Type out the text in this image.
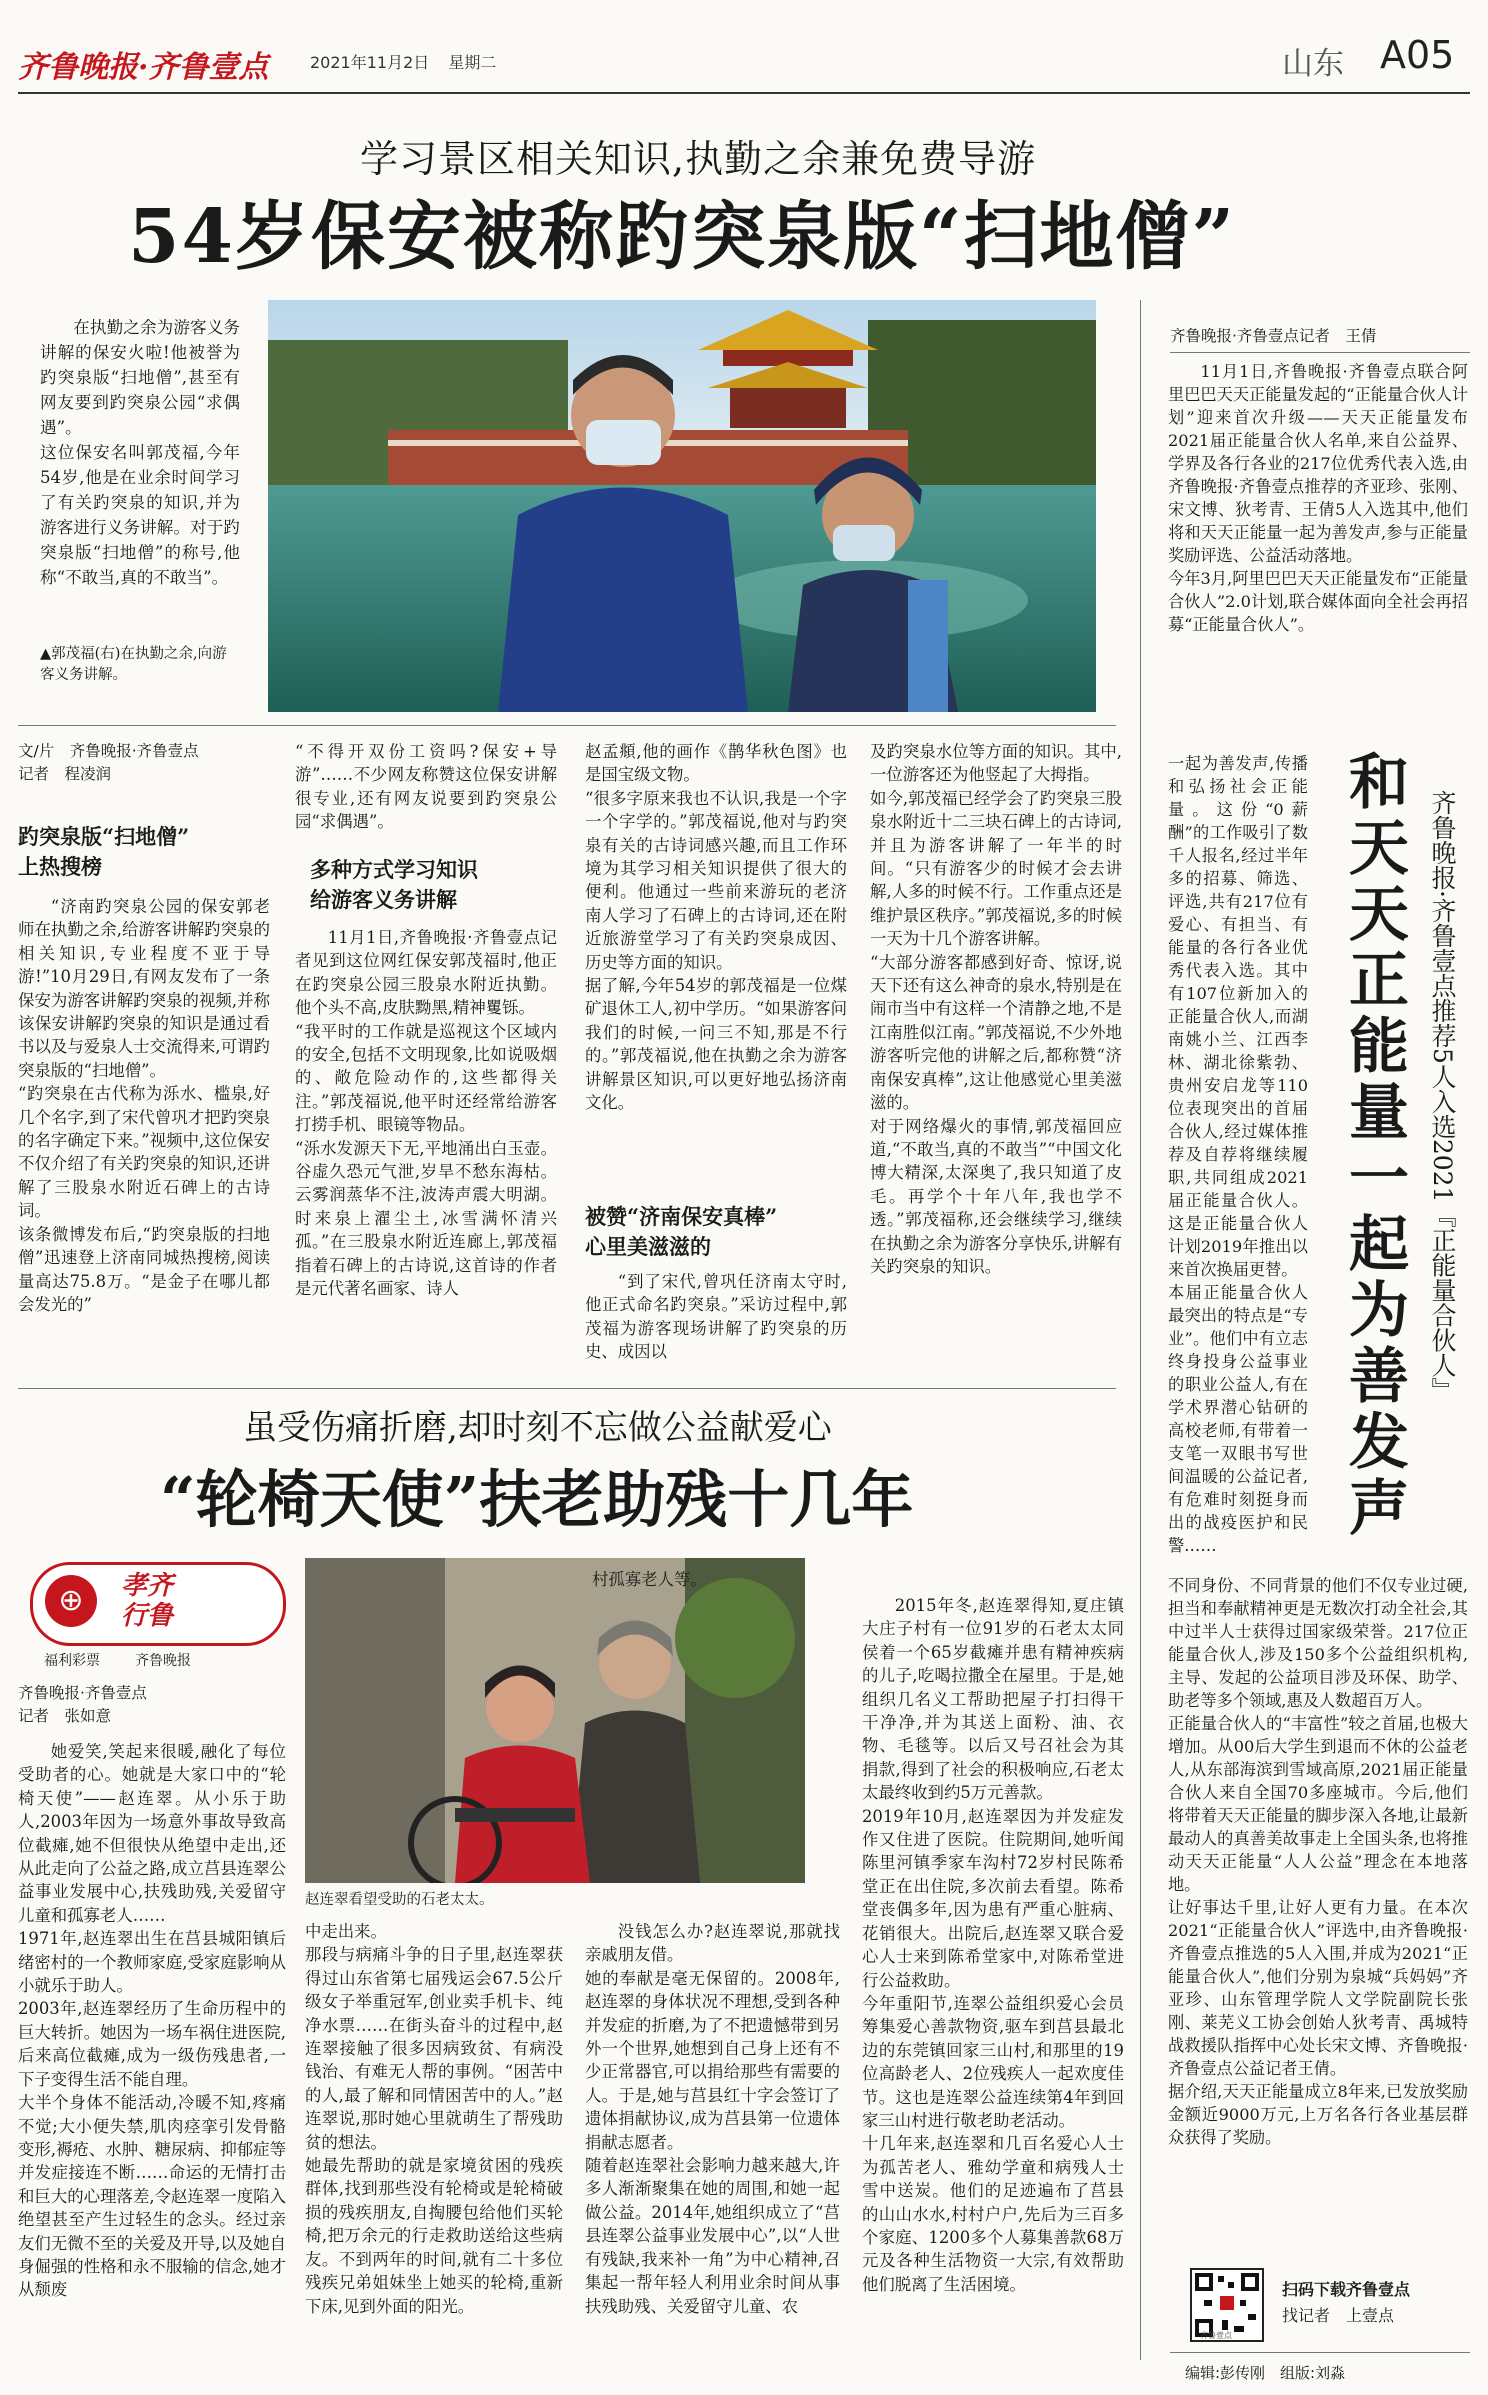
齐鲁晚报·齐鲁壹点	2021年11月2日 星期二	山东 A05
学习景区相关知识,执勤之余兼免费导游
54岁保安被称趵突泉版“扫地僧”

在执勤之余为游客义务讲解的保安火啦!他被誉为趵突泉版“扫地僧”,甚至有网友要到趵突泉公园“求偶遇”。
这位保安名叫郭茂福,今年54岁,他是在业余时间学习了有关趵突泉的知识,并为游客进行义务讲解。对于趵突泉版“扫地僧”的称号,他称“不敢当,真的不敢当”。

▲郭茂福(右)在执勤之余,向游客义务讲解。

文/片　齐鲁晚报·齐鲁壹点

记者　程凌润

趵突泉版“扫地僧”
上热搜榜

“济南趵突泉公园的保安郭老师在执勤之余,给游客讲解趵突泉的相关知识,专业程度不亚于导游!”10月29日,有网友发布了一条保安为游客讲解趵突泉的视频,并称该保安讲解趵突泉的知识是通过看书以及与爱泉人士交流得来,可谓趵突泉版的“扫地僧”。
“趵突泉在古代称为泺水、槛泉,好几个名字,到了宋代曾巩才把趵突泉的名字确定下来。”视频中,这位保安不仅介绍了有关趵突泉的知识,还讲解了三股泉水附近石碑上的古诗词。
该条微博发布后,“趵突泉版的扫地僧”迅速登上济南同城热搜榜,阅读量高达75.8万。“是金子在哪儿都会发光的”

“不得开双份工资吗?保安+导游”……不少网友称赞这位保安讲解很专业,还有网友说要到趵突泉公园“求偶遇”。

多种方式学习知识
给游客义务讲解

11月1日,齐鲁晚报·齐鲁壹点记者见到这位网红保安郭茂福时,他正在趵突泉公园三股泉水附近执勤。他个头不高,皮肤黝黑,精神矍铄。
“我平时的工作就是巡视这个区域内的安全,包括不文明现象,比如说吸烟的、敞危险动作的,这些都得关注。”郭茂福说,他平时还经常给游客打捞手机、眼镜等物品。
“泺水发源天下无,平地涌出白玉壶。谷虚久恐元气泄,岁旱不愁东海枯。云雾润蒸华不注,波涛声震大明湖。时来泉上濯尘土,冰雪满怀清兴孤。”在三股泉水附近连廊上,郭茂福指着石碑上的古诗说,这首诗的作者是元代著名画家、诗人

赵孟頫,他的画作《鹊华秋色图》也是国宝级文物。
“很多字原来我也不认识,我是一个字一个字学的。”郭茂福说,他对与趵突泉有关的古诗词感兴趣,而且工作环境为其学习相关知识提供了很大的便利。他通过一些前来游玩的老济南人学习了石碑上的古诗词,还在附近旅游堂学习了有关趵突泉成因、历史等方面的知识。
据了解,今年54岁的郭茂福是一位煤矿退休工人,初中学历。“如果游客问我们的时候,一问三不知,那是不行的。”郭茂福说,他在执勤之余为游客讲解景区知识,可以更好地弘扬济南文化。

被赞“济南保安真棒”
心里美滋滋的

“到了宋代,曾巩任济南太守时,他正式命名趵突泉。”采访过程中,郭茂福为游客现场讲解了趵突泉的历史、成因以

及趵突泉水位等方面的知识。其中,一位游客还为他竖起了大拇指。
如今,郭茂福已经学会了趵突泉三股泉水附近十二三块石碑上的古诗词,并且为游客讲解了一年半的时间。“只有游客少的时候才会去讲解,人多的时候不行。工作重点还是维护景区秩序。”郭茂福说,多的时候一天为十几个游客讲解。
“大部分游客都感到好奇、惊讶,说天下还有这么神奇的泉水,特别是在闹市当中有这样一个清静之地,不是江南胜似江南。”郭茂福说,不少外地游客听完他的讲解之后,都称赞“济南保安真棒”,这让他感觉心里美滋滋的。
对于网络爆火的事情,郭茂福回应道,“不敢当,真的不敢当”“中国文化博大精深,太深奥了,我只知道了皮毛。再学个十年八年,我也学不透。”郭茂福称,还会继续学习,继续在执勤之余为游客分享快乐,讲解有关趵突泉的知识。

虽受伤痛折磨,却时刻不忘做公益献爱心
“轮椅天使”扶老助残十几年
⊕	孝齐
行鲁
福利彩票	齐鲁晚报

齐鲁晚报·齐鲁壹点

记者　张如意

赵连翠看望受助的石老太太。

她爱笑,笑起来很暖,融化了每位受助者的心。她就是大家口中的“轮椅天使”——赵连翠。从小乐于助人,2003年因为一场意外事故导致高位截瘫,她不但很快从绝望中走出,还从此走向了公益之路,成立莒县连翠公益事业发展中心,扶残助残,关爱留守儿童和孤寡老人……
1971年,赵连翠出生在莒县城阳镇后绪密村的一个教师家庭,受家庭影响从小就乐于助人。
2003年,赵连翠经历了生命历程中的巨大转折。她因为一场车祸住进医院,后来高位截瘫,成为一级伤残患者,一下子变得生活不能自理。
大半个身体不能活动,冷暖不知,疼痛不觉;大小便失禁,肌肉痉挛引发骨骼变形,褥疮、水肿、糖尿病、抑郁症等并发症接连不断……命运的无情打击和巨大的心理落差,令赵连翠一度陷入绝望甚至产生过轻生的念头。经过亲友们无微不至的关爱及开导,以及她自身倔强的性格和永不服输的信念,她才从颓废

中走出来。
那段与病痛斗争的日子里,赵连翠获得过山东省第七届残运会67.5公斤级女子举重冠军,创业卖手机卡、纯净水票……在街头奋斗的过程中,赵连翠接触了很多因病致贫、有病没钱治、有难无人帮的事例。“困苦中的人,最了解和同情困苦中的人。”赵连翠说,那时她心里就萌生了帮残助贫的想法。
她最先帮助的就是家境贫困的残疾群体,找到那些没有轮椅或是轮椅破损的残疾朋友,自掏腰包给他们买轮椅,把万余元的行走救助送给这些病友。不到两年的时间,就有二十多位残疾兄弟姐妹坐上她买的轮椅,重新下床,见到外面的阳光。

村孤寡老人等。

没钱怎么办?赵连翠说,那就找亲戚朋友借。
她的奉献是毫无保留的。2008年,赵连翠的身体状况不理想,受到各种并发症的折磨,为了不把遗憾带到另外一个世界,她想到自己身上还有不少正常器官,可以捐给那些有需要的人。于是,她与莒县红十字会签订了遗体捐献协议,成为莒县第一位遗体捐献志愿者。
随着赵连翠社会影响力越来越大,许多人渐渐聚集在她的周围,和她一起做公益。2014年,她组织成立了“莒县连翠公益事业发展中心”,以“人世有残缺,我来补一角”为中心精神,召集起一帮年轻人利用业余时间从事扶残助残、关爱留守儿童、农

2015年冬,赵连翠得知,夏庄镇大庄子村有一位91岁的石老太太同侯着一个65岁截瘫并患有精神疾病的儿子,吃喝拉撒全在屋里。于是,她组织几名义工帮助把屋子打扫得干干净净,并为其送上面粉、油、衣物、毛毯等。以后又号召社会为其捐款,得到了社会的积极响应,石老太太最终收到约5万元善款。
2019年10月,赵连翠因为并发症发作又住进了医院。住院期间,她听闻陈里河镇季家车沟村72岁村民陈希堂正在出住院,多次前去看望。陈希堂丧偶多年,因为患有严重心脏病、花销很大。出院后,赵连翠又联合爱心人士来到陈希堂家中,对陈希堂进行公益救助。
今年重阳节,连翠公益组织爱心会员筹集爱心善款物资,驱车到莒县最北边的东莞镇回家三山村,和那里的19位高龄老人、2位残疾人一起欢度佳节。这也是连翠公益连续第4年到回家三山村进行敬老助老活动。
十几年来,赵连翠和几百名爱心人士为孤苦老人、雅幼学童和病残人士雪中送炭。他们的足迹遍布了莒县的山山水水,村村户户,先后为三百多个家庭、1200多个人募集善款68万元及各种生活物资一大宗,有效帮助他们脱离了生活困境。

齐鲁晚报·齐鲁壹点记者　王倩

11月1日,齐鲁晚报·齐鲁壹点联合阿里巴巴天天正能量发起的“正能量合伙人计划”迎来首次升级——天天正能量发布2021届正能量合伙人名单,来自公益界、学界及各行各业的217位优秀代表入选,由齐鲁晚报·齐鲁壹点推荐的齐亚珍、张刚、宋文博、狄考青、王倩5人入选其中,他们将和天天正能量一起为善发声,参与正能量奖励评选、公益活动落地。
今年3月,阿里巴巴天天正能量发布“正能量合伙人”2.0计划,联合媒体面向全社会再招募“正能量合伙人”。

一起为善发声,传播和弘扬社会正能量。这份“0薪酬”的工作吸引了数千人报名,经过半年多的招募、筛选、评选,共有217位有爱心、有担当、有能量的各行各业优秀代表入选。其中有107位新加入的正能量合伙人,而湖南姚小兰、江西李林、湖北徐紫勃、贵州安启龙等110位表现突出的首届合伙人,经过媒体推荐及自荐将继续履职,共同组成2021届正能量合伙人。这是正能量合伙人计划2019年推出以来首次换届更替。
本届正能量合伙人最突出的特点是“专业”。他们中有立志终身投身公益事业的职业公益人,有在学术界潜心钻研的高校老师,有带着一支笔一双眼书写世间温暖的公益记者,有危难时刻挺身而出的战疫医护和民警……

和天天正能量一起为善发声 齐鲁晚报·齐鲁壹点推荐5人入选2021『正能量合伙人』

不同身份、不同背景的他们不仅专业过硬,担当和奉献精神更是无数次打动全社会,其中过半人士获得过国家级荣誉。217位正能量合伙人,涉及150多个公益组织机构,主导、发起的公益项目涉及环保、助学、助老等多个领域,惠及人数超百万人。
正能量合伙人的“丰富性”较之首届,也极大增加。从00后大学生到退而不休的公益老人,从东部海滨到雪域高原,2021届正能量合伙人来自全国70多座城市。今后,他们将带着天天正能量的脚步深入各地,让最新最动人的真善美故事走上全国头条,也将推动天天正能量“人人公益”理念在本地落地。
让好事达千里,让好人更有力量。在本次2021“正能量合伙人”评选中,由齐鲁晚报·齐鲁壹点推选的5人入围,并成为2021“正能量合伙人”,他们分别为泉城“兵妈妈”齐亚珍、山东管理学院人文学院副院长张刚、莱芜义工协会创始人狄考青、禹城特战救援队指挥中心处长宋文博、齐鲁晚报·齐鲁壹点公益记者王倩。
据介绍,天天正能量成立8年来,已发放奖励金额近9000万元,上万名各行各业基层群众获得了奖励。

齐鲁壹点
扫码下载齐鲁壹点
找记者　上壹点
编辑:彭传刚　组版:刘淼
